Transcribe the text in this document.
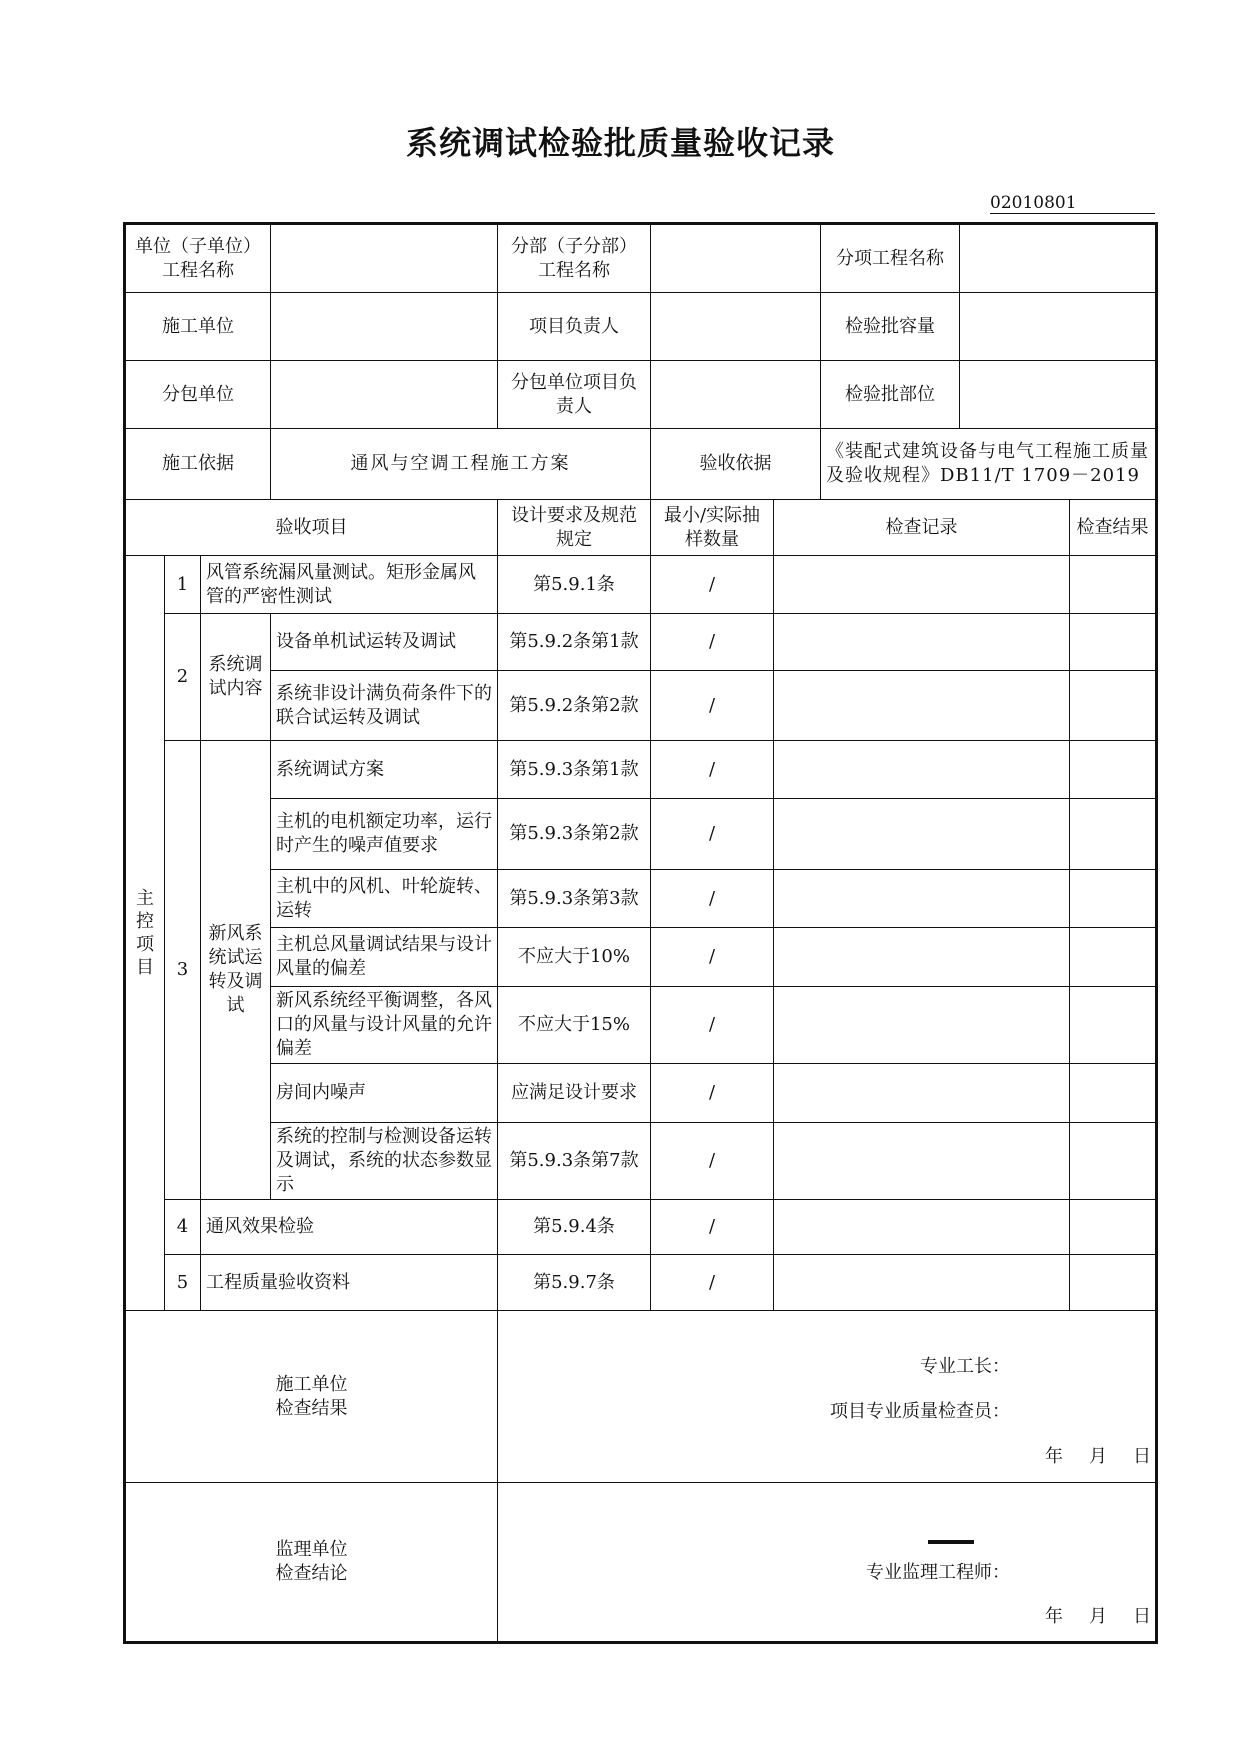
系统调试检验批质量验收记录
02010801
单位（子单位）工程名称				分部（子分部）工程名称			分项工程名称		
施工单位				项目负责人			检验批容量		
分包单位				分包单位项目负责人			检验批部位		
施工依据			通风与空调工程施工方案		验收依据		《装配式建筑设备与电气工程施工质量及验收规程》DB11/T 1709－2019		
验收项目				设计要求及规范规定	最小/实际抽样数量	检查记录			检查结果
主控项目	1	风管系统漏风量测试。矩形金属风管的严密性测试		第5.9.1条	/				
	2	系统调试内容	设备单机试运转及调试	第5.9.2条第1款	/				
			系统非设计满负荷条件下的联合试运转及调试	第5.9.2条第2款	/				
	3	新风系统试运转及调试	系统调试方案	第5.9.3条第1款	/				
			主机的电机额定功率，运行时产生的噪声值要求	第5.9.3条第2款	/				
			主机中的风机、叶轮旋转、运转	第5.9.3条第3款	/				
			主机总风量调试结果与设计风量的偏差	不应大于10%	/				
			新风系统经平衡调整，各风口的风量与设计风量的允许偏差	不应大于15%	/				
			房间内噪声	应满足设计要求	/				
			系统的控制与检测设备运转及调试，系统的状态参数显示	第5.9.3条第7款	/				
	4	通风效果检验		第5.9.4条	/				
	5	工程质量验收资料		第5.9.7条	/				
施工单位检查结果				专业工长：
项目专业质量检查员：
年 月 日					

监理单位检查结论				专业监理工程师：
年 月 日					
